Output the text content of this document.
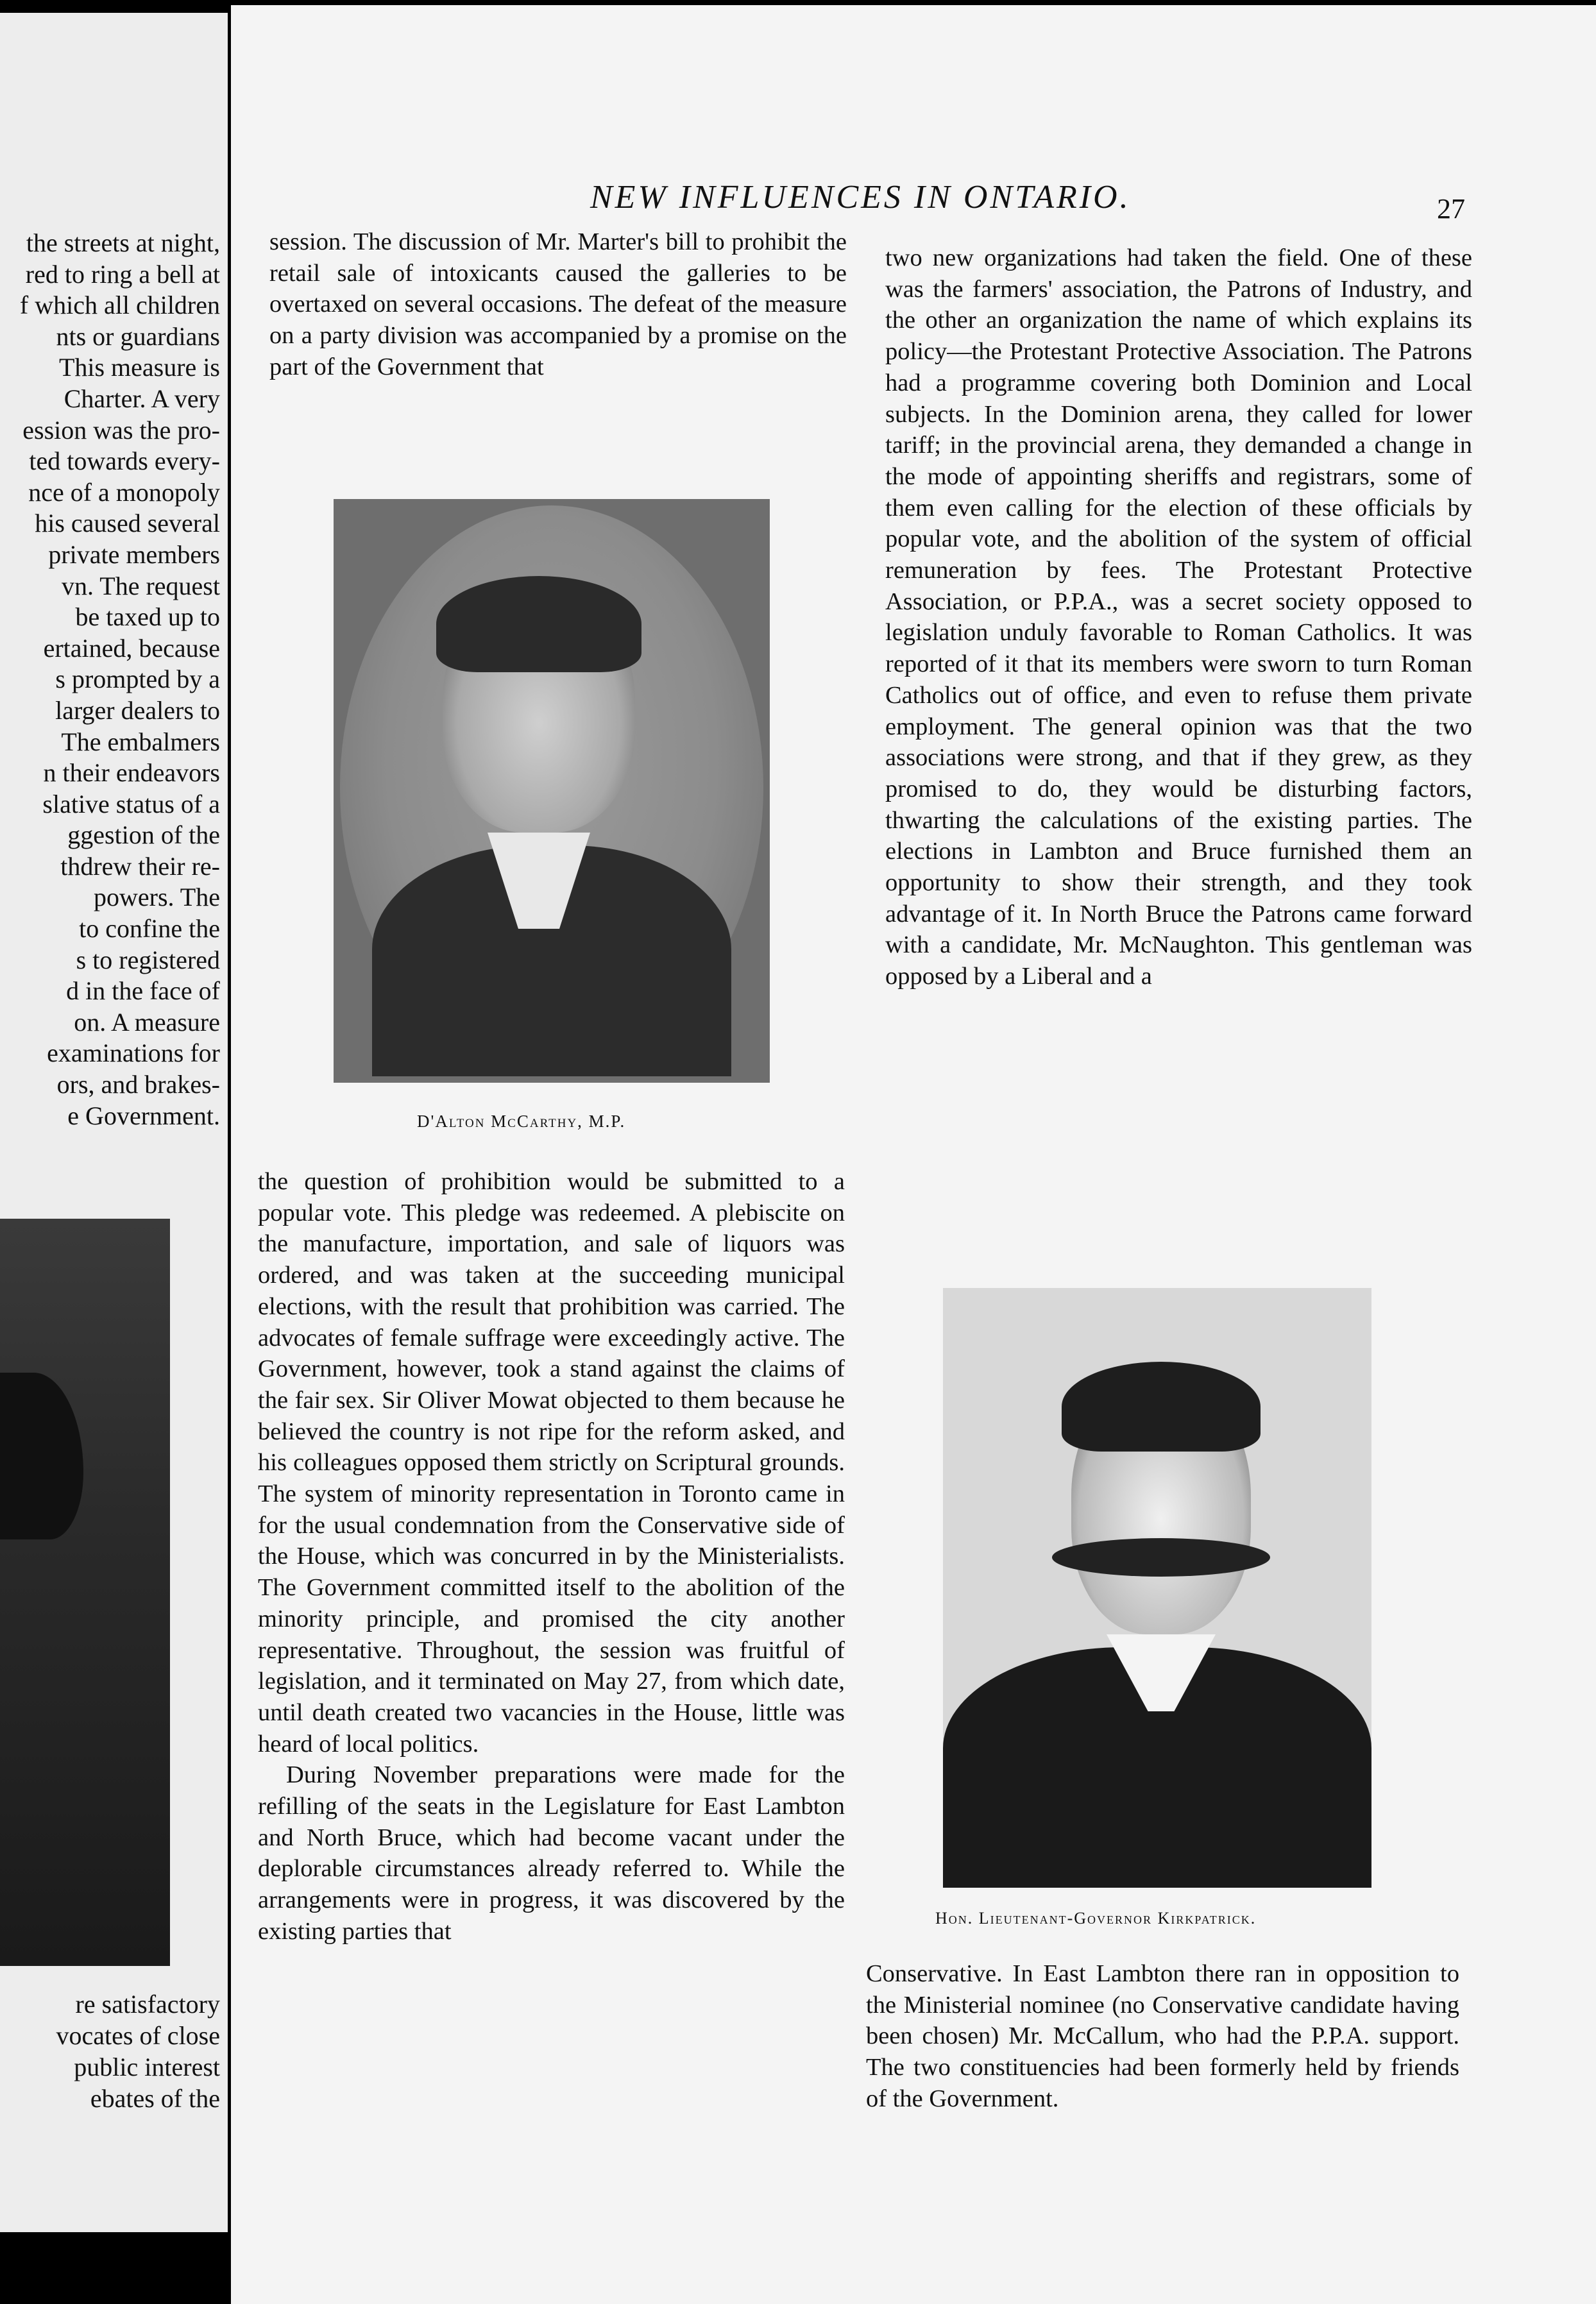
the streets at night,
red to ring a bell at
f which all children
nts or guardians
This measure is
Charter. A very
ession was the pro-
ted towards every-
nce of a monopoly
his caused several
private members
vn. The request
be taxed up to
ertained, because
s prompted by a
larger dealers to
The embalmers
n their endeavors
slative status of a
ggestion of the
thdrew their re-
powers. The
to confine the
s to registered
d in the face of
on. A measure
examinations for
ors, and brakes-
e Government.
re satisfactory
vocates of close
public interest
ebates of the
NEW INFLUENCES IN ONTARIO.	27

session. The discussion of Mr. Marter's bill to prohibit the retail sale of intoxicants caused the galleries to be overtaxed on several occasions. The defeat of the measure on a party division was accompanied by a promise on the part of the Government that

D'Alton McCarthy, M.P.

the question of prohibition would be submitted to a popular vote. This pledge was redeemed. A plebiscite on the manufacture, importation, and sale of liquors was ordered, and was taken at the succeeding municipal elections, with the result that prohibition was carried. The advocates of female suffrage were exceedingly active. The Government, however, took a stand against the claims of the fair sex. Sir Oliver Mowat objected to them because he believed the country is not ripe for the reform asked, and his colleagues opposed them strictly on Scriptural grounds. The system of minority representation in Toronto came in for the usual condemnation from the Conservative side of the House, which was concurred in by the Ministerialists. The Government committed itself to the abolition of the minority principle, and promised the city another representative. Throughout, the session was fruitful of legislation, and it terminated on May 27, from which date, until death created two vacancies in the House, little was heard of local politics.

During November preparations were made for the refilling of the seats in the Legislature for East Lambton and North Bruce, which had become vacant under the deplorable circumstances already referred to. While the arrangements were in progress, it was discovered by the existing parties that

two new organizations had taken the field. One of these was the farmers' association, the Patrons of Industry, and the other an organization the name of which explains its policy—the Protestant Protective Association. The Patrons had a programme covering both Dominion and Local subjects. In the Dominion arena, they called for lower tariff; in the provincial arena, they demanded a change in the mode of appointing sheriffs and registrars, some of them even calling for the election of these officials by popular vote, and the abolition of the system of official remuneration by fees. The Protestant Protective Association, or P.P.A., was a secret society opposed to legislation unduly favorable to Roman Catholics. It was reported of it that its members were sworn to turn Roman Catholics out of office, and even to refuse them private employment. The general opinion was that the two associations were strong, and that if they grew, as they promised to do, they would be disturbing factors, thwarting the calculations of the existing parties. The elections in Lambton and Bruce furnished them an opportunity to show their strength, and they took advantage of it. In North Bruce the Patrons came forward with a candidate, Mr. McNaughton. This gentleman was opposed by a Liberal and a

Hon. Lieutenant-Governor Kirkpatrick.

Conservative. In East Lambton there ran in opposition to the Ministerial nominee (no Conservative candidate having been chosen) Mr. McCallum, who had the P.P.A. support. The two constituencies had been formerly held by friends of the Government.
